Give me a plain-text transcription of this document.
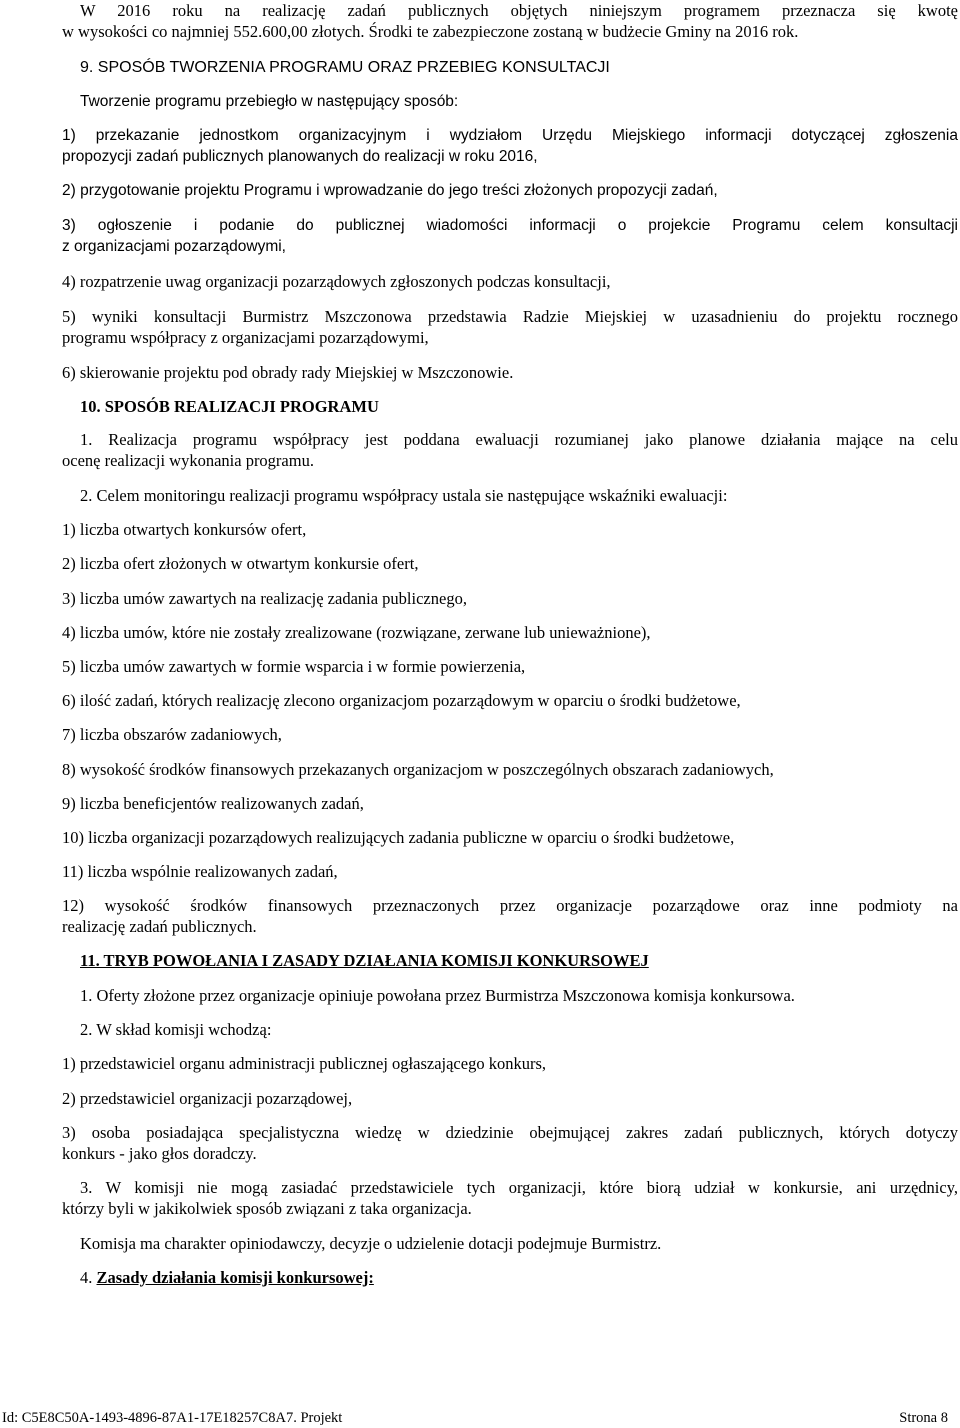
W 2016 roku na realizację zadań publicznych objętych niniejszym programem przeznacza się kwotę
w wysokości co najmniej 552.600,00 złotych. Środki te zabezpieczone zostaną w budżecie Gminy na 2016 rok.
9. SPOSÓB TWORZENIA PROGRAMU ORAZ PRZEBIEG KONSULTACJI
Tworzenie programu przebiegło w następujący sposób:
1) przekazanie jednostkom organizacyjnym i wydziałom Urzędu Miejskiego informacji dotyczącej zgłoszenia
propozycji zadań publicznych planowanych do realizacji w roku 2016,
2) przygotowanie projektu Programu i wprowadzanie do jego treści złożonych propozycji zadań,
3) ogłoszenie i podanie do publicznej wiadomości informacji o projekcie Programu celem konsultacji
z organizacjami pozarządowymi,
4) rozpatrzenie uwag organizacji pozarządowych zgłoszonych podczas konsultacji,
5) wyniki konsultacji Burmistrz Mszczonowa przedstawia Radzie Miejskiej w uzasadnieniu do projektu rocznego
programu współpracy z organizacjami pozarządowymi,
6) skierowanie projektu pod obrady rady Miejskiej w Mszczonowie.
10. SPOSÓB REALIZACJI PROGRAMU
1. Realizacja programu współpracy jest poddana ewaluacji rozumianej jako planowe działania mające na celu
ocenę realizacji wykonania programu.
2. Celem monitoringu realizacji programu współpracy ustala sie następujące wskaźniki ewaluacji:
1) liczba otwartych konkursów ofert,
2) liczba ofert złożonych w otwartym konkursie ofert,
3) liczba umów zawartych na realizację zadania publicznego,
4) liczba umów, które nie zostały zrealizowane (rozwiązane, zerwane lub unieważnione),
5) liczba umów zawartych w formie wsparcia i w formie powierzenia,
6) ilość zadań, których realizację zlecono organizacjom pozarządowym w oparciu o środki budżetowe,
7) liczba obszarów zadaniowych,
8) wysokość środków finansowych przekazanych organizacjom w poszczególnych obszarach zadaniowych,
9) liczba beneficjentów realizowanych zadań,
10) liczba organizacji pozarządowych realizujących zadania publiczne w oparciu o środki budżetowe,
11) liczba wspólnie realizowanych zadań,
12) wysokość środków finansowych przeznaczonych przez organizacje pozarządowe oraz inne podmioty na
realizację zadań publicznych.
11. TRYB POWOŁANIA I ZASADY DZIAŁANIA KOMISJI KONKURSOWEJ
1. Oferty złożone przez organizacje opiniuje powołana przez Burmistrza Mszczonowa komisja konkursowa.
2. W skład komisji wchodzą:
1) przedstawiciel organu administracji publicznej ogłaszającego konkurs,
2) przedstawiciel organizacji pozarządowej,
3) osoba posiadająca specjalistyczna wiedzę w dziedzinie obejmującej zakres zadań publicznych, których dotyczy
konkurs - jako głos doradczy.
3. W komisji nie mogą zasiadać przedstawiciele tych organizacji, które biorą udział w konkursie, ani urzędnicy,
którzy byli w jakikolwiek sposób związani z taka organizacja.
Komisja ma charakter opiniodawczy, decyzje o udzielenie dotacji podejmuje Burmistrz.
4. Zasady działania komisji konkursowej:
Id: C5E8C50A-1493-4896-87A1-17E18257C8A7. Projekt	Strona 8
